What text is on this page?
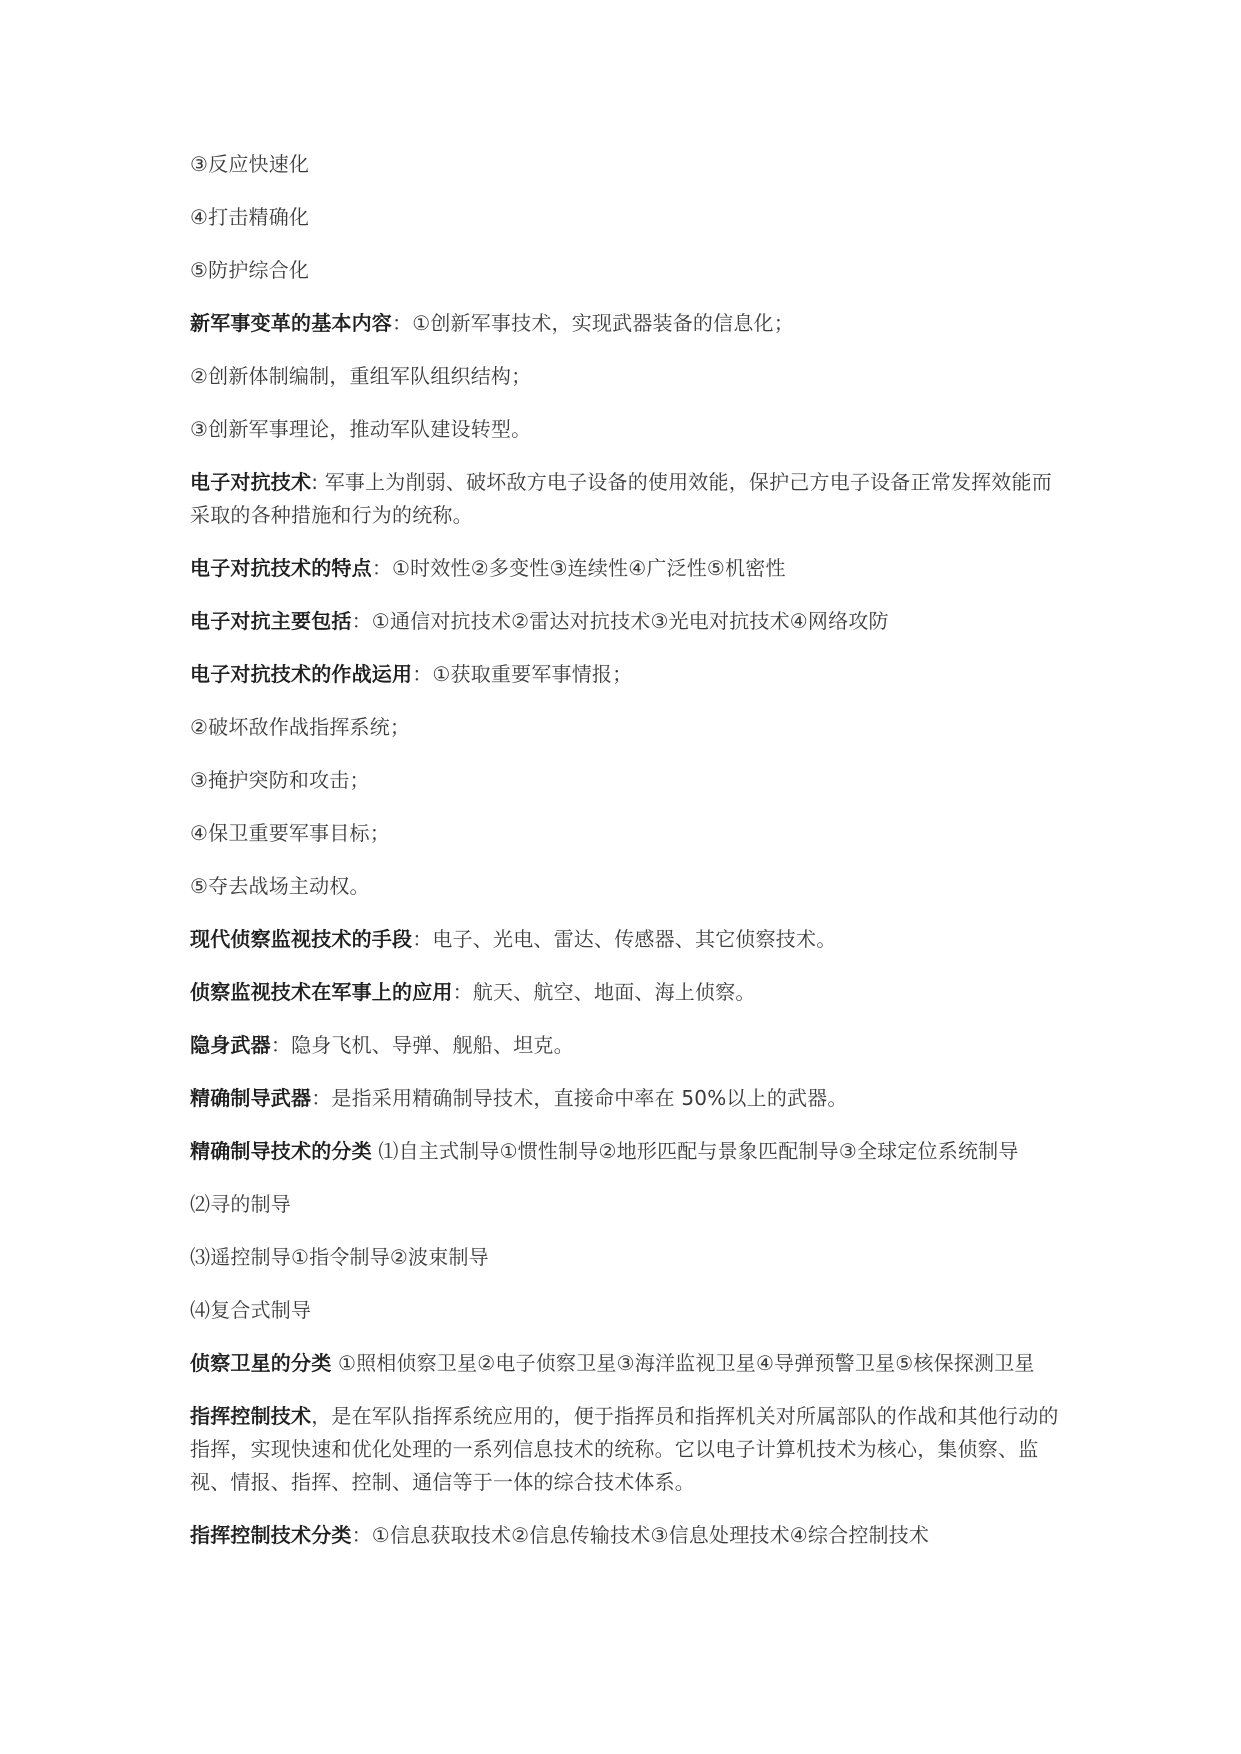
③反应快速化

④打击精确化

⑤防护综合化

新军事变革的基本内容：①创新军事技术，实现武器装备的信息化；

②创新体制编制，重组军队组织结构；

③创新军事理论，推动军队建设转型。

电子对抗技术: 军事上为削弱、破坏敌方电子设备的使用效能，保护己方电子设备正常发挥效能而采取的各种措施和行为的统称。

电子对抗技术的特点：①时效性②多变性③连续性④广泛性⑤机密性

电子对抗主要包括：①通信对抗技术②雷达对抗技术③光电对抗技术④网络攻防

电子对抗技术的作战运用：①获取重要军事情报；

②破坏敌作战指挥系统；

③掩护突防和攻击；

④保卫重要军事目标；

⑤夺去战场主动权。

现代侦察监视技术的手段：电子、光电、雷达、传感器、其它侦察技术。

侦察监视技术在军事上的应用：航天、航空、地面、海上侦察。

隐身武器：隐身飞机、导弹、舰船、坦克。

精确制导武器：是指采用精确制导技术，直接命中率在 50%以上的武器。

精确制导技术的分类 ⑴自主式制导①惯性制导②地形匹配与景象匹配制导③全球定位系统制导

⑵寻的制导

⑶遥控制导①指令制导②波束制导

⑷复合式制导

侦察卫星的分类 ①照相侦察卫星②电子侦察卫星③海洋监视卫星④导弹预警卫星⑤核保探测卫星

指挥控制技术，是在军队指挥系统应用的，便于指挥员和指挥机关对所属部队的作战和其他行动的指挥，实现快速和优化处理的一系列信息技术的统称。它以电子计算机技术为核心，集侦察、监视、情报、指挥、控制、通信等于一体的综合技术体系。

指挥控制技术分类：①信息获取技术②信息传输技术③信息处理技术④综合控制技术
